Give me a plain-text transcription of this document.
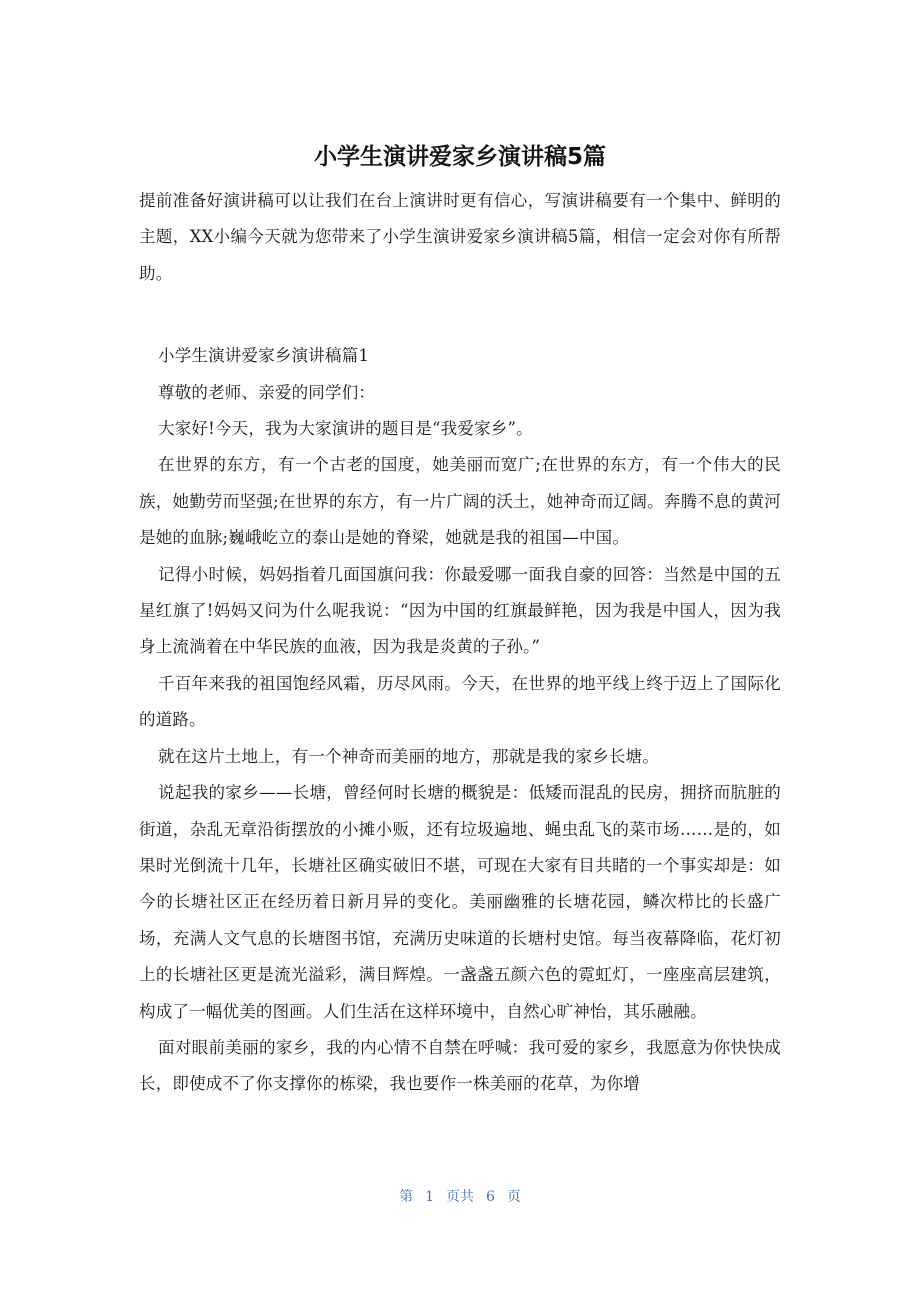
小学生演讲爱家乡演讲稿5篇

提前准备好演讲稿可以让我们在台上演讲时更有信心，写演讲稿要有一个集中、鲜明的主题，XX小编今天就为您带来了小学生演讲爱家乡演讲稿5篇，相信一定会对你有所帮助。

小学生演讲爱家乡演讲稿篇1

尊敬的老师、亲爱的同学们：

大家好!今天，我为大家演讲的题目是“我爱家乡”。

在世界的东方，有一个古老的国度，她美丽而宽广;在世界的东方，有一个伟大的民族，她勤劳而坚强;在世界的东方，有一片广阔的沃土，她神奇而辽阔。奔腾不息的黄河是她的血脉;巍峨屹立的泰山是她的脊梁，她就是我的祖国—中国。

记得小时候，妈妈指着几面国旗问我：你最爱哪一面我自豪的回答：当然是中国的五星红旗了!妈妈又问为什么呢我说：“因为中国的红旗最鲜艳，因为我是中国人，因为我身上流淌着在中华民族的血液，因为我是炎黄的子孙。”

千百年来我的祖国饱经风霜，历尽风雨。今天，在世界的地平线上终于迈上了国际化的道路。

就在这片土地上，有一个神奇而美丽的地方，那就是我的家乡长塘。

说起我的家乡——长塘，曾经何时长塘的概貌是：低矮而混乱的民房，拥挤而肮脏的街道，杂乱无章沿街摆放的小摊小贩，还有垃圾遍地、蝇虫乱飞的菜市场……是的，如果时光倒流十几年，长塘社区确实破旧不堪，可现在大家有目共睹的一个事实却是：如今的长塘社区正在经历着日新月异的变化。美丽幽雅的长塘花园，鳞次栉比的长盛广场，充满人文气息的长塘图书馆，充满历史味道的长塘村史馆。每当夜幕降临，花灯初上的长塘社区更是流光溢彩，满目辉煌。一盏盏五颜六色的霓虹灯，一座座高层建筑，构成了一幅优美的图画。人们生活在这样环境中，自然心旷神怡，其乐融融。

面对眼前美丽的家乡，我的内心情不自禁在呼喊：我可爱的家乡，我愿意为你快快成长，即使成不了你支撑你的栋梁，我也要作一株美丽的花草，为你增

第 1 页共 6 页
